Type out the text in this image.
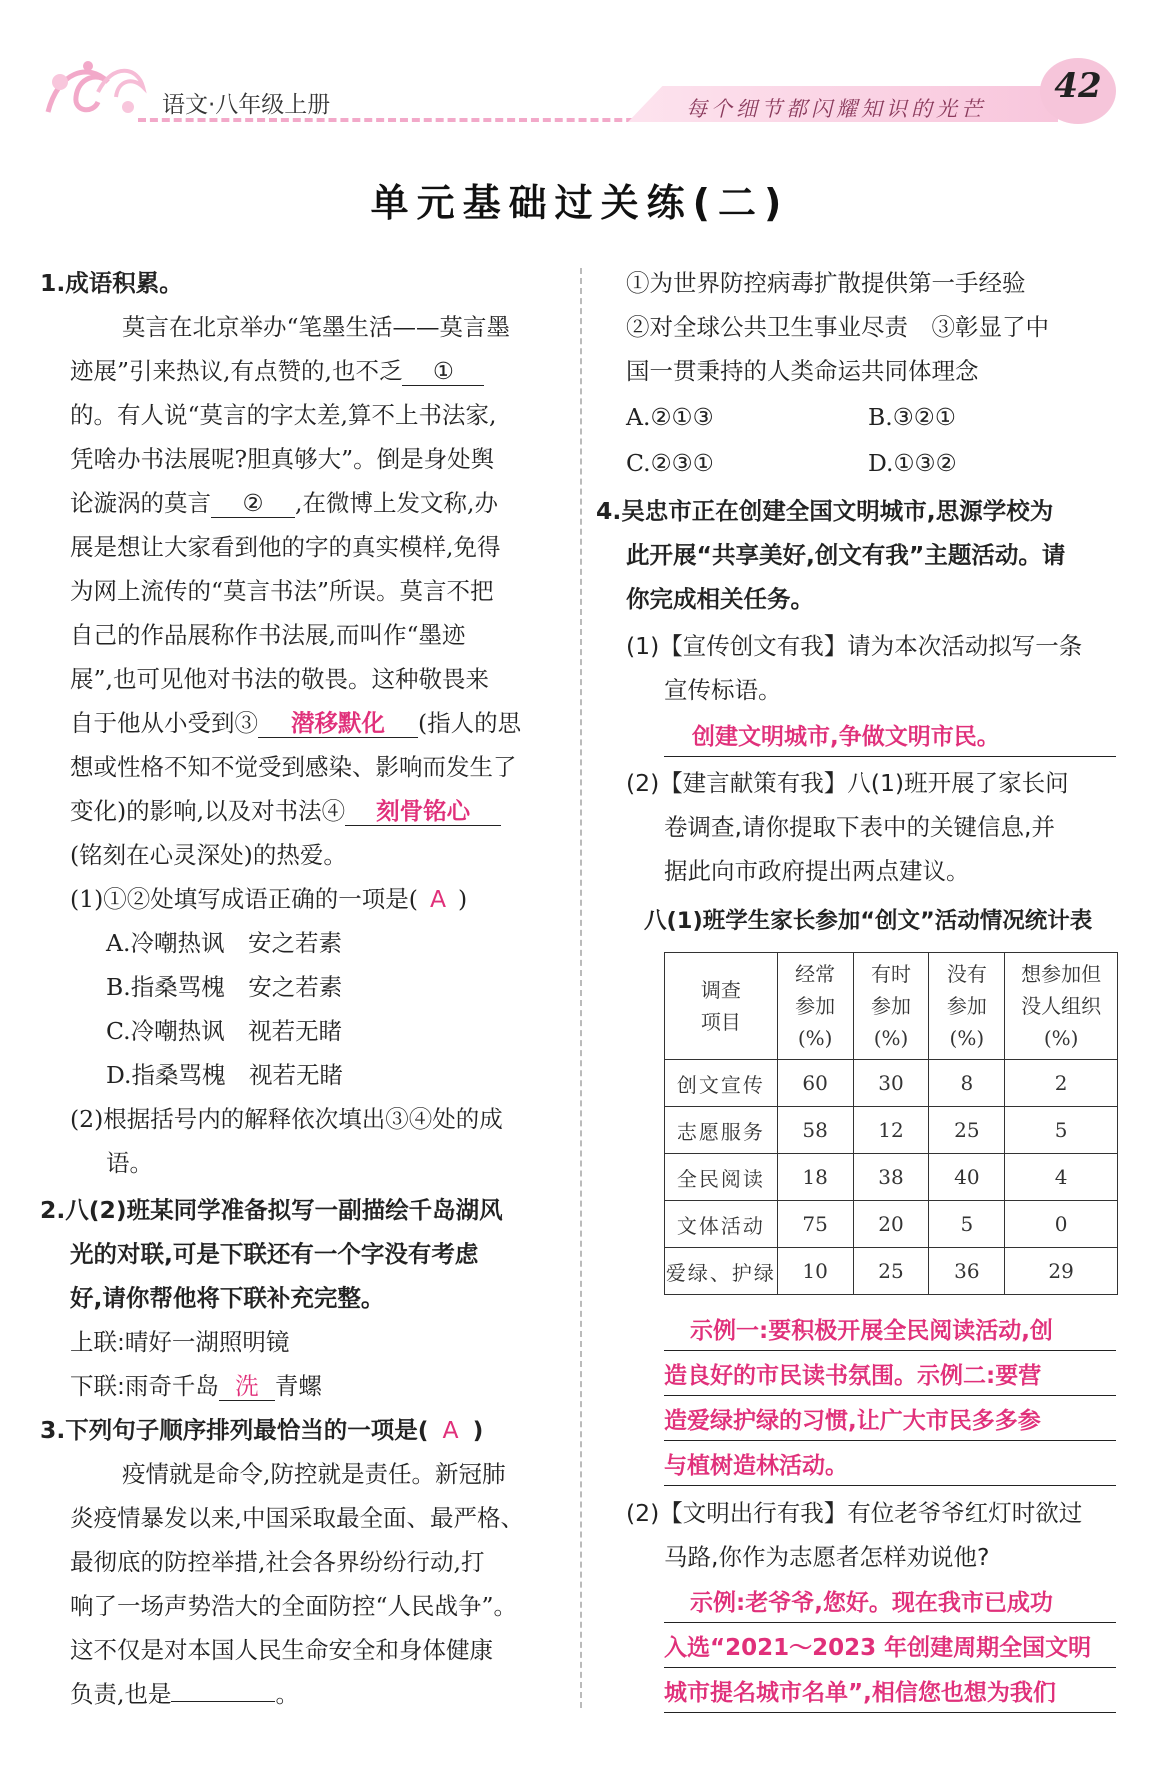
语文·八年级上册	每个细节都闪耀知识的光芒
42
单元基础过关练(二)
1.成语积累。
莫言在北京举办“笔墨生活——莫言墨
迹展”引来热议,有点赞的,也不乏 ①
的。有人说“莫言的字太差,算不上书法家,
凭啥办书法展呢?胆真够大”。倒是身处舆
论漩涡的莫言 ② ,在微博上发文称,办
展是想让大家看到他的字的真实模样,免得
为网上流传的“莫言书法”所误。莫言不把
自己的作品展称作书法展,而叫作“墨迹
展”,也可见他对书法的敬畏。这种敬畏来
自于他从小受到③ 潜移默化 (指人的思
想或性格不知不觉受到感染、影响而发生了
变化)的影响,以及对书法④ 刻骨铭心
(铭刻在心灵深处)的热爱。
(1)①②处填写成语正确的一项是( A )
A.冷嘲热讽　安之若素
B.指桑骂槐　安之若素
C.冷嘲热讽　视若无睹
D.指桑骂槐　视若无睹
(2)根据括号内的解释依次填出③④处的成
语。
2.八(2)班某同学准备拟写一副描绘千岛湖风
光的对联,可是下联还有一个字没有考虑
好,请你帮他将下联补充完整。
上联:晴好一湖照明镜
下联:雨奇千岛 洗 青螺
3.下列句子顺序排列最恰当的一项是( A )
疫情就是命令,防控就是责任。新冠肺
炎疫情暴发以来,中国采取最全面、最严格、
最彻底的防控举措,社会各界纷纷行动,打
响了一场声势浩大的全面防控“人民战争”。
这不仅是对本国人民生命安全和身体健康
负责,也是	。
①为世界防控病毒扩散提供第一手经验
②对全球公共卫生事业尽责　③彰显了中
国一贯秉持的人类命运共同体理念
A.②①③	B.③②①
C.②③①	D.①③②
4.吴忠市正在创建全国文明城市,思源学校为
此开展“共享美好,创文有我”主题活动。请
你完成相关任务。
(1)【宣传创文有我】请为本次活动拟写一条
宣传标语。
创建文明城市,争做文明市民。
(2)【建言献策有我】八(1)班开展了家长问
卷调查,请你提取下表中的关键信息,并
据此向市政府提出两点建议。
八(1)班学生家长参加“创文”活动情况统计表
调查
项目	经常
参加
(%)	有时
参加
(%)	没有
参加
(%)	想参加但
没人组织
(%)
创文宣传	60	30	8	2
志愿服务	58	12	25	5
全民阅读	18	38	40	4
文体活动	75	20	5	0
爱绿、护绿	10	25	36	29
示例一:要积极开展全民阅读活动,创
造良好的市民读书氛围。示例二:要营
造爱绿护绿的习惯,让广大市民多多参
与植树造林活动。
(2)【文明出行有我】有位老爷爷红灯时欲过
马路,你作为志愿者怎样劝说他?
示例:老爷爷,您好。现在我市已成功
入选“2021～2023 年创建周期全国文明
城市提名城市名单”,相信您也想为我们
